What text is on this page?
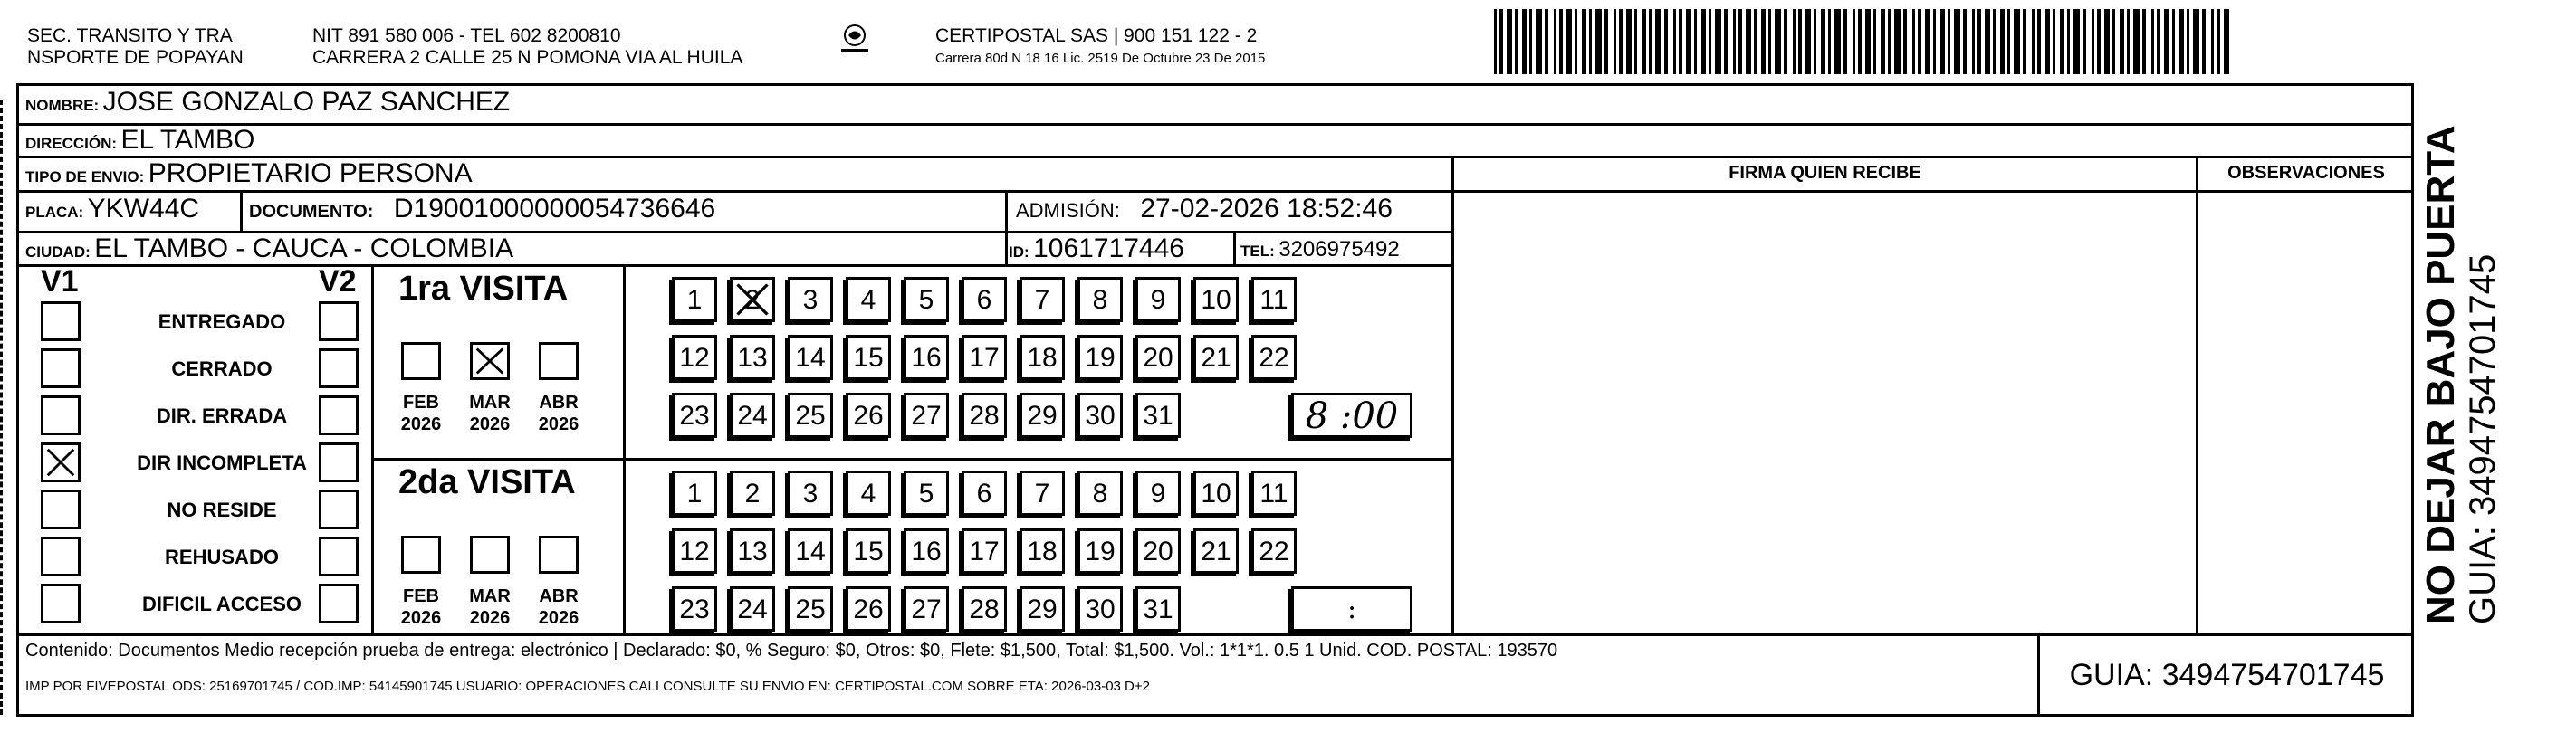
SEC. TRANSITO Y TRA
NSPORTE DE POPAYAN
NIT 891 580 006 - TEL 602 8200810
CARRERA 2 CALLE 25 N POMONA VIA AL HUILA
CERTIPOSTAL SAS | 900 151 122 - 2
Carrera 80d N 18 16 Lic. 2519 De Octubre 23 De 2015
NOMBRE: JOSE GONZALO PAZ SANCHEZ
DIRECCIÓN: EL TAMBO
TIPO DE ENVIO: PROPIETARIO PERSONA	FIRMA QUIEN RECIBE	OBSERVACIONES
PLACA: YKW44C	DOCUMENTO: D19001000000054736646	ADMISIÓN: 27-02-2026 18:52:46
CIUDAD: EL TAMBO - CAUCA - COLOMBIA	ID: 1061717446	TEL: 3206975492
V1	V2
ENTREGADO
CERRADO
DIR. ERRADA
DIR INCOMPLETA
NO RESIDE
REHUSADO
DIFICIL ACCESO
1ra VISITA
FEB
2026
MAR
2026
ABR
2026
1	2	3	4	5	6	7	8	9	10	11
12 13 14 15 16 17 18 19 20 21 22
23 24 25 26 27 28 29 30 31	8 :00
2da VISITA
FEB
2026
MAR
2026
ABR
2026
1	2	3	4	5	6	7	8	9	10	11
12 13 14 15 16 17 18 19 20 21 22
23 24 25 26 27 28 29 30 31	:
Contenido: Documentos Medio recepción prueba de entrega: electrónico | Declarado: $0, % Seguro: $0, Otros: $0, Flete: $1,500, Total: $1,500. Vol.: 1*1*1. 0.5 1 Unid. COD. POSTAL: 193570
IMP POR FIVEPOSTAL ODS: 25169701745 / COD.IMP: 54145901745 USUARIO: OPERACIONES.CALI CONSULTE SU ENVIO EN: CERTIPOSTAL.COM SOBRE ETA: 2026-03-03 D+2	GUIA: 3494754701745
NO DEJAR BAJO PUERTA GUIA: 3494754701745
